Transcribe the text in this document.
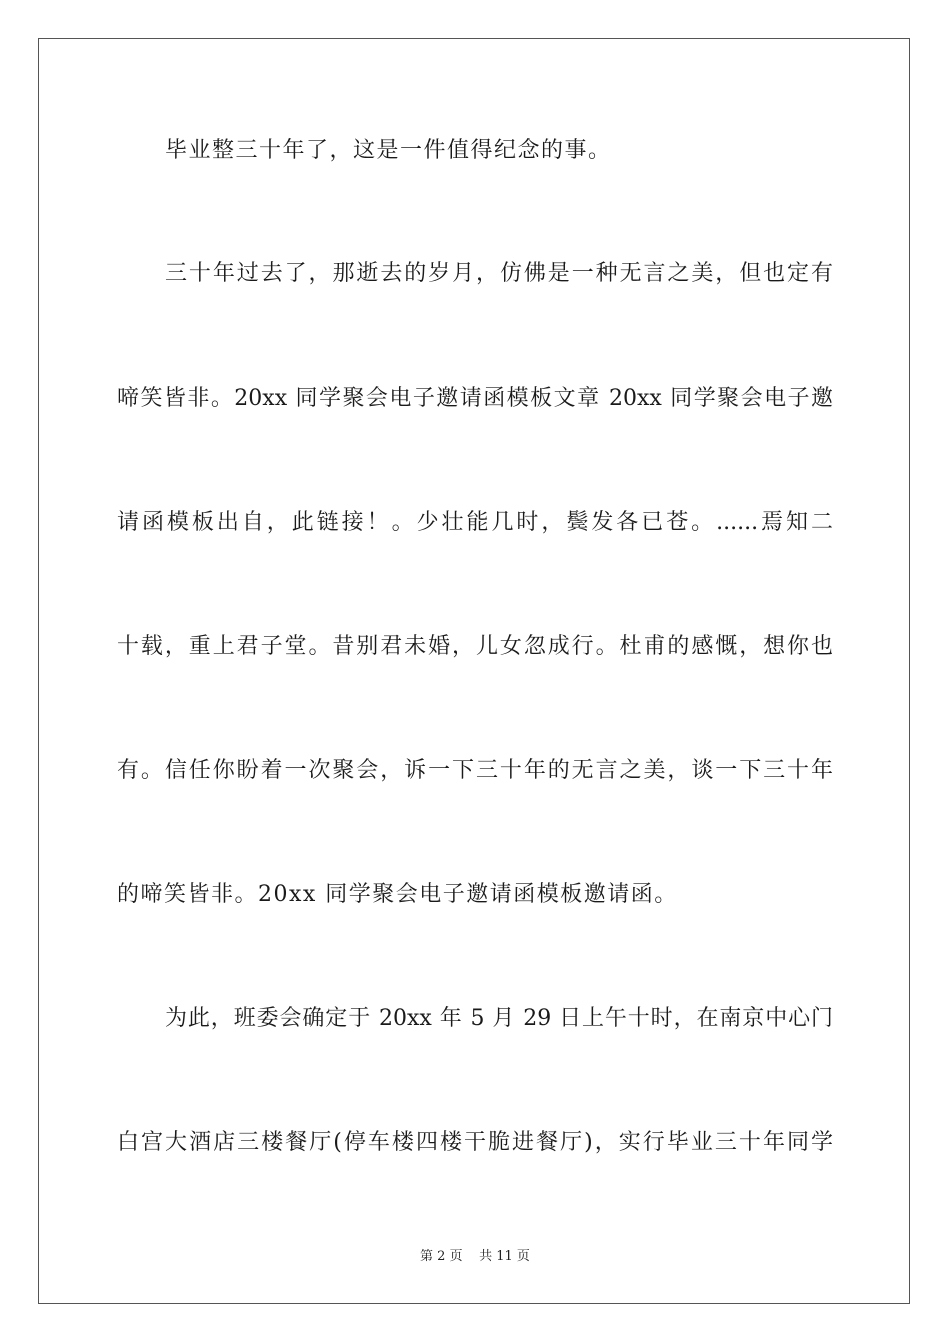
毕业整三十年了，这是一件值得纪念的事。
三十年过去了，那逝去的岁月，仿佛是一种无言之美，但也定有
啼笑皆非。20xx 同学聚会电子邀请函模板文章 20xx 同学聚会电子邀
请函模板出自，此链接！。少壮能几时，鬓发各已苍。......焉知二
十载，重上君子堂。昔别君未婚，儿女忽成行。杜甫的感慨，想你也
有。信任你盼着一次聚会，诉一下三十年的无言之美，谈一下三十年
的啼笑皆非。20xx 同学聚会电子邀请函模板邀请函。
为此，班委会确定于 20xx 年 5 月 29 日上午十时，在南京中心门
白宫大酒店三楼餐厅(停车楼四楼干脆进餐厅)，实行毕业三十年同学
第 2 页 共 11 页
